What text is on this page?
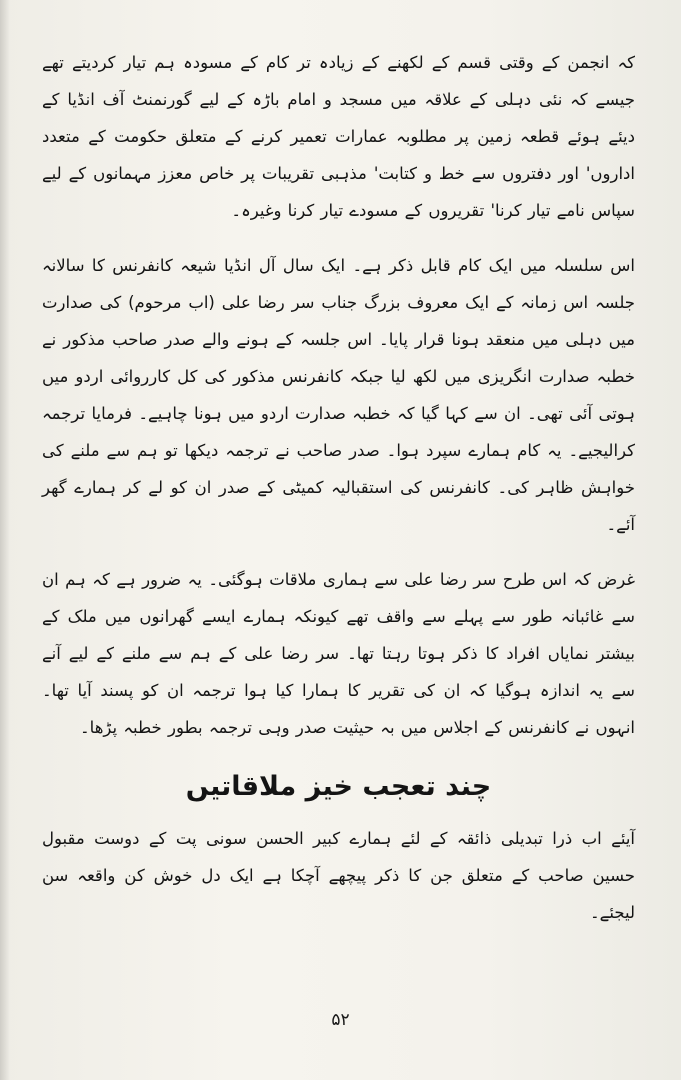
کہ انجمن کے وقتی قسم کے لکھنے کے زیادہ تر کام کے مسودہ ہم تیار کردیتے تھے جیسے کہ نئی دہلی کے علاقہ میں مسجد و امام باڑہ کے لیے گورنمنٹ آف انڈیا کے دیئے ہوئے قطعہ زمین پر مطلوبہ عمارات تعمیر کرنے کے متعلق حکومت کے متعدد اداروں' اور دفتروں سے خط و کتابت' مذہبی تقریبات پر خاص معزز مہمانوں کے لیے سپاس نامے تیار کرنا' تقریروں کے مسودے تیار کرنا وغیرہ۔

اس سلسلہ میں ایک کام قابل ذکر ہے۔ ایک سال آل انڈیا شیعہ کانفرنس کا سالانہ جلسہ اس زمانہ کے ایک معروف بزرگ جناب سر رضا علی (اب مرحوم) کی صدارت میں دہلی میں منعقد ہونا قرار پایا۔ اس جلسہ کے ہونے والے صدر صاحب مذکور نے خطبہ صدارت انگریزی میں لکھ لیا جبکہ کانفرنس مذکور کی کل کارروائی اردو میں ہوتی آئی تھی۔ ان سے کہا گیا کہ خطبہ صدارت اردو میں ہونا چاہیے۔ فرمایا ترجمہ کرالیجیے۔ یہ کام ہمارے سپرد ہوا۔ صدر صاحب نے ترجمہ دیکھا تو ہم سے ملنے کی خواہش ظاہر کی۔ کانفرنس کی استقبالیہ کمیٹی کے صدر ان کو لے کر ہمارے گھر آئے۔

غرض کہ اس طرح سر رضا علی سے ہماری ملاقات ہوگئی۔ یہ ضرور ہے کہ ہم ان سے غائبانہ طور سے پہلے سے واقف تھے کیونکہ ہمارے ایسے گھرانوں میں ملک کے بیشتر نمایاں افراد کا ذکر ہوتا رہتا تھا۔ سر رضا علی کے ہم سے ملنے کے لیے آنے سے یہ اندازہ ہوگیا کہ ان کی تقریر کا ہمارا کیا ہوا ترجمہ ان کو پسند آیا تھا۔ انہوں نے کانفرنس کے اجلاس میں بہ حیثیت صدر وہی ترجمہ بطور خطبہ پڑھا۔

چند تعجب خیز ملاقاتیں

آیئے اب ذرا تبدیلی ذائقہ کے لئے ہمارے کبیر الحسن سونی پت کے دوست مقبول حسین صاحب کے متعلق جن کا ذکر پیچھے آچکا ہے ایک دل خوش کن واقعہ سن لیجئے۔

۵۲
